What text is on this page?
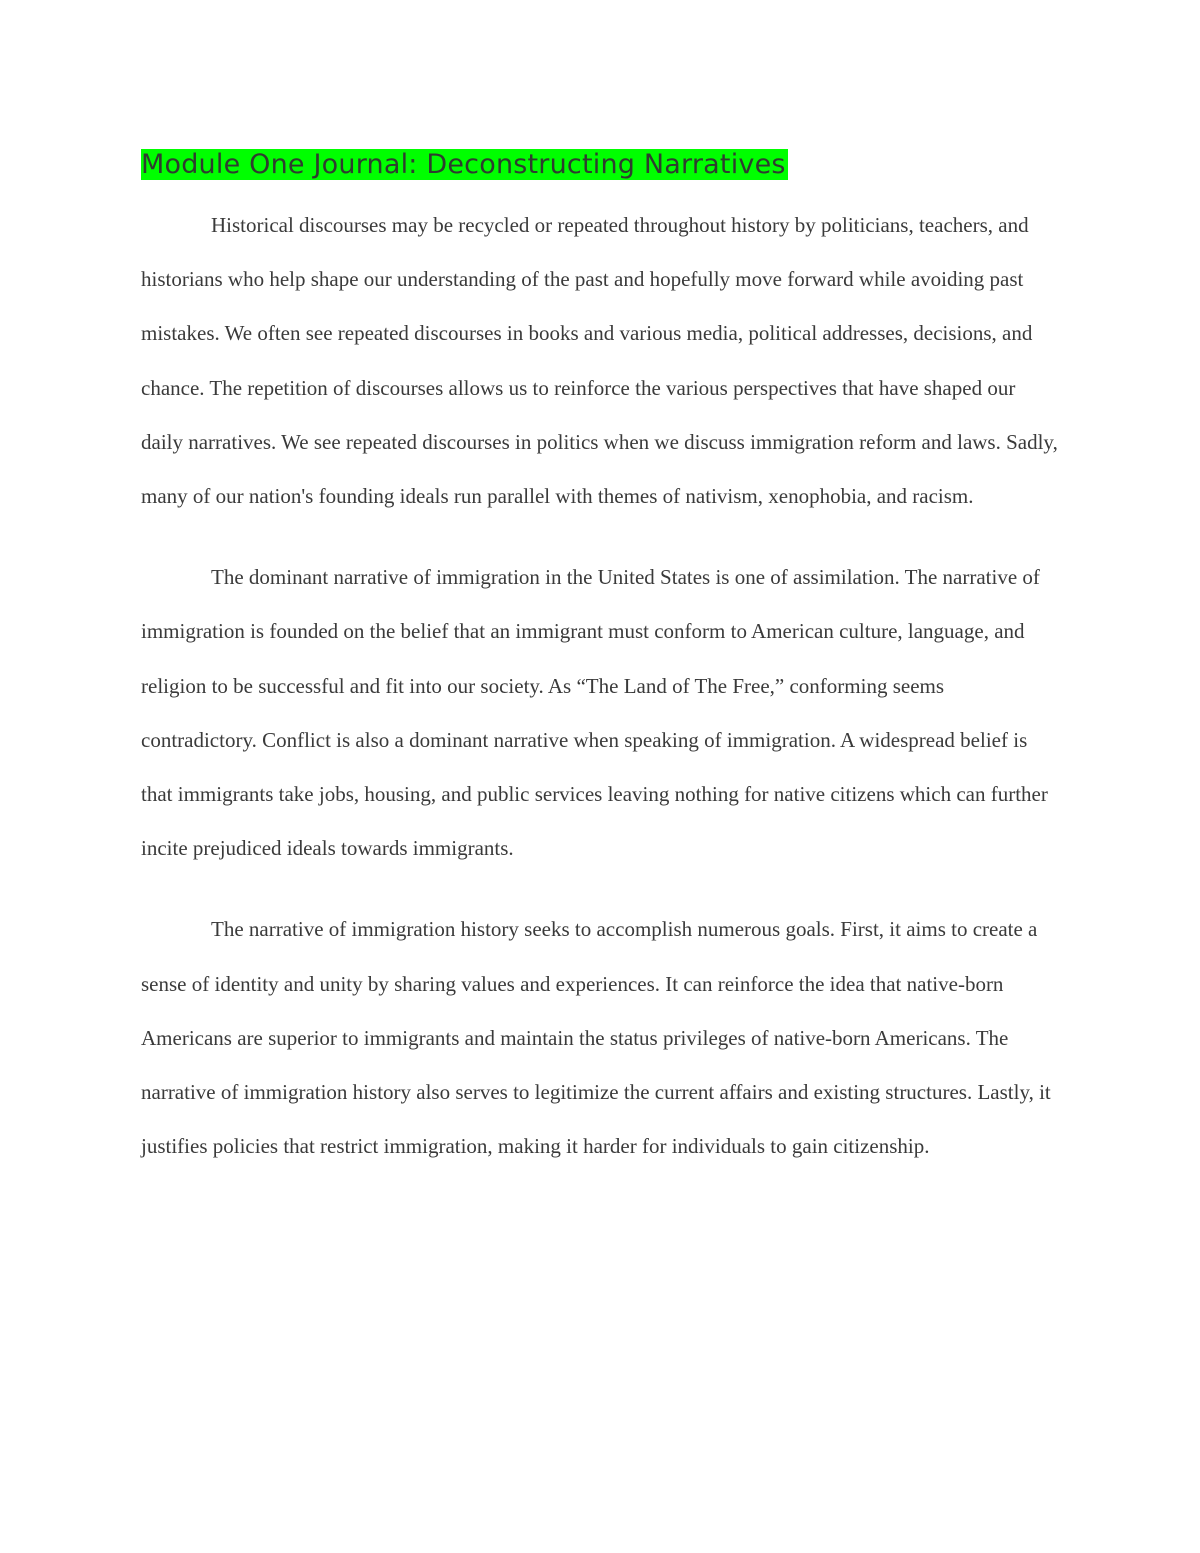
Module One Journal: Deconstructing Narratives

Historical discourses may be recycled or repeated throughout history by politicians, teachers, and historians who help shape our understanding of the past and hopefully move forward while avoiding past mistakes. We often see repeated discourses in books and various media, political addresses, decisions, and chance. The repetition of discourses allows us to reinforce the various perspectives that have shaped our daily narratives. We see repeated discourses in politics when we discuss immigration reform and laws. Sadly, many of our nation's founding ideals run parallel with themes of nativism, xenophobia, and racism.

The dominant narrative of immigration in the United States is one of assimilation. The narrative of immigration is founded on the belief that an immigrant must conform to American culture, language, and religion to be successful and fit into our society. As “The Land of The Free,” conforming seems contradictory. Conflict is also a dominant narrative when speaking of immigration. A widespread belief is that immigrants take jobs, housing, and public services leaving nothing for native citizens which can further incite prejudiced ideals towards immigrants.

The narrative of immigration history seeks to accomplish numerous goals. First, it aims to create a sense of identity and unity by sharing values and experiences. It can reinforce the idea that native-born Americans are superior to immigrants and maintain the status privileges of native-born Americans. The narrative of immigration history also serves to legitimize the current affairs and existing structures. Lastly, it justifies policies that restrict immigration, making it harder for individuals to gain citizenship.
